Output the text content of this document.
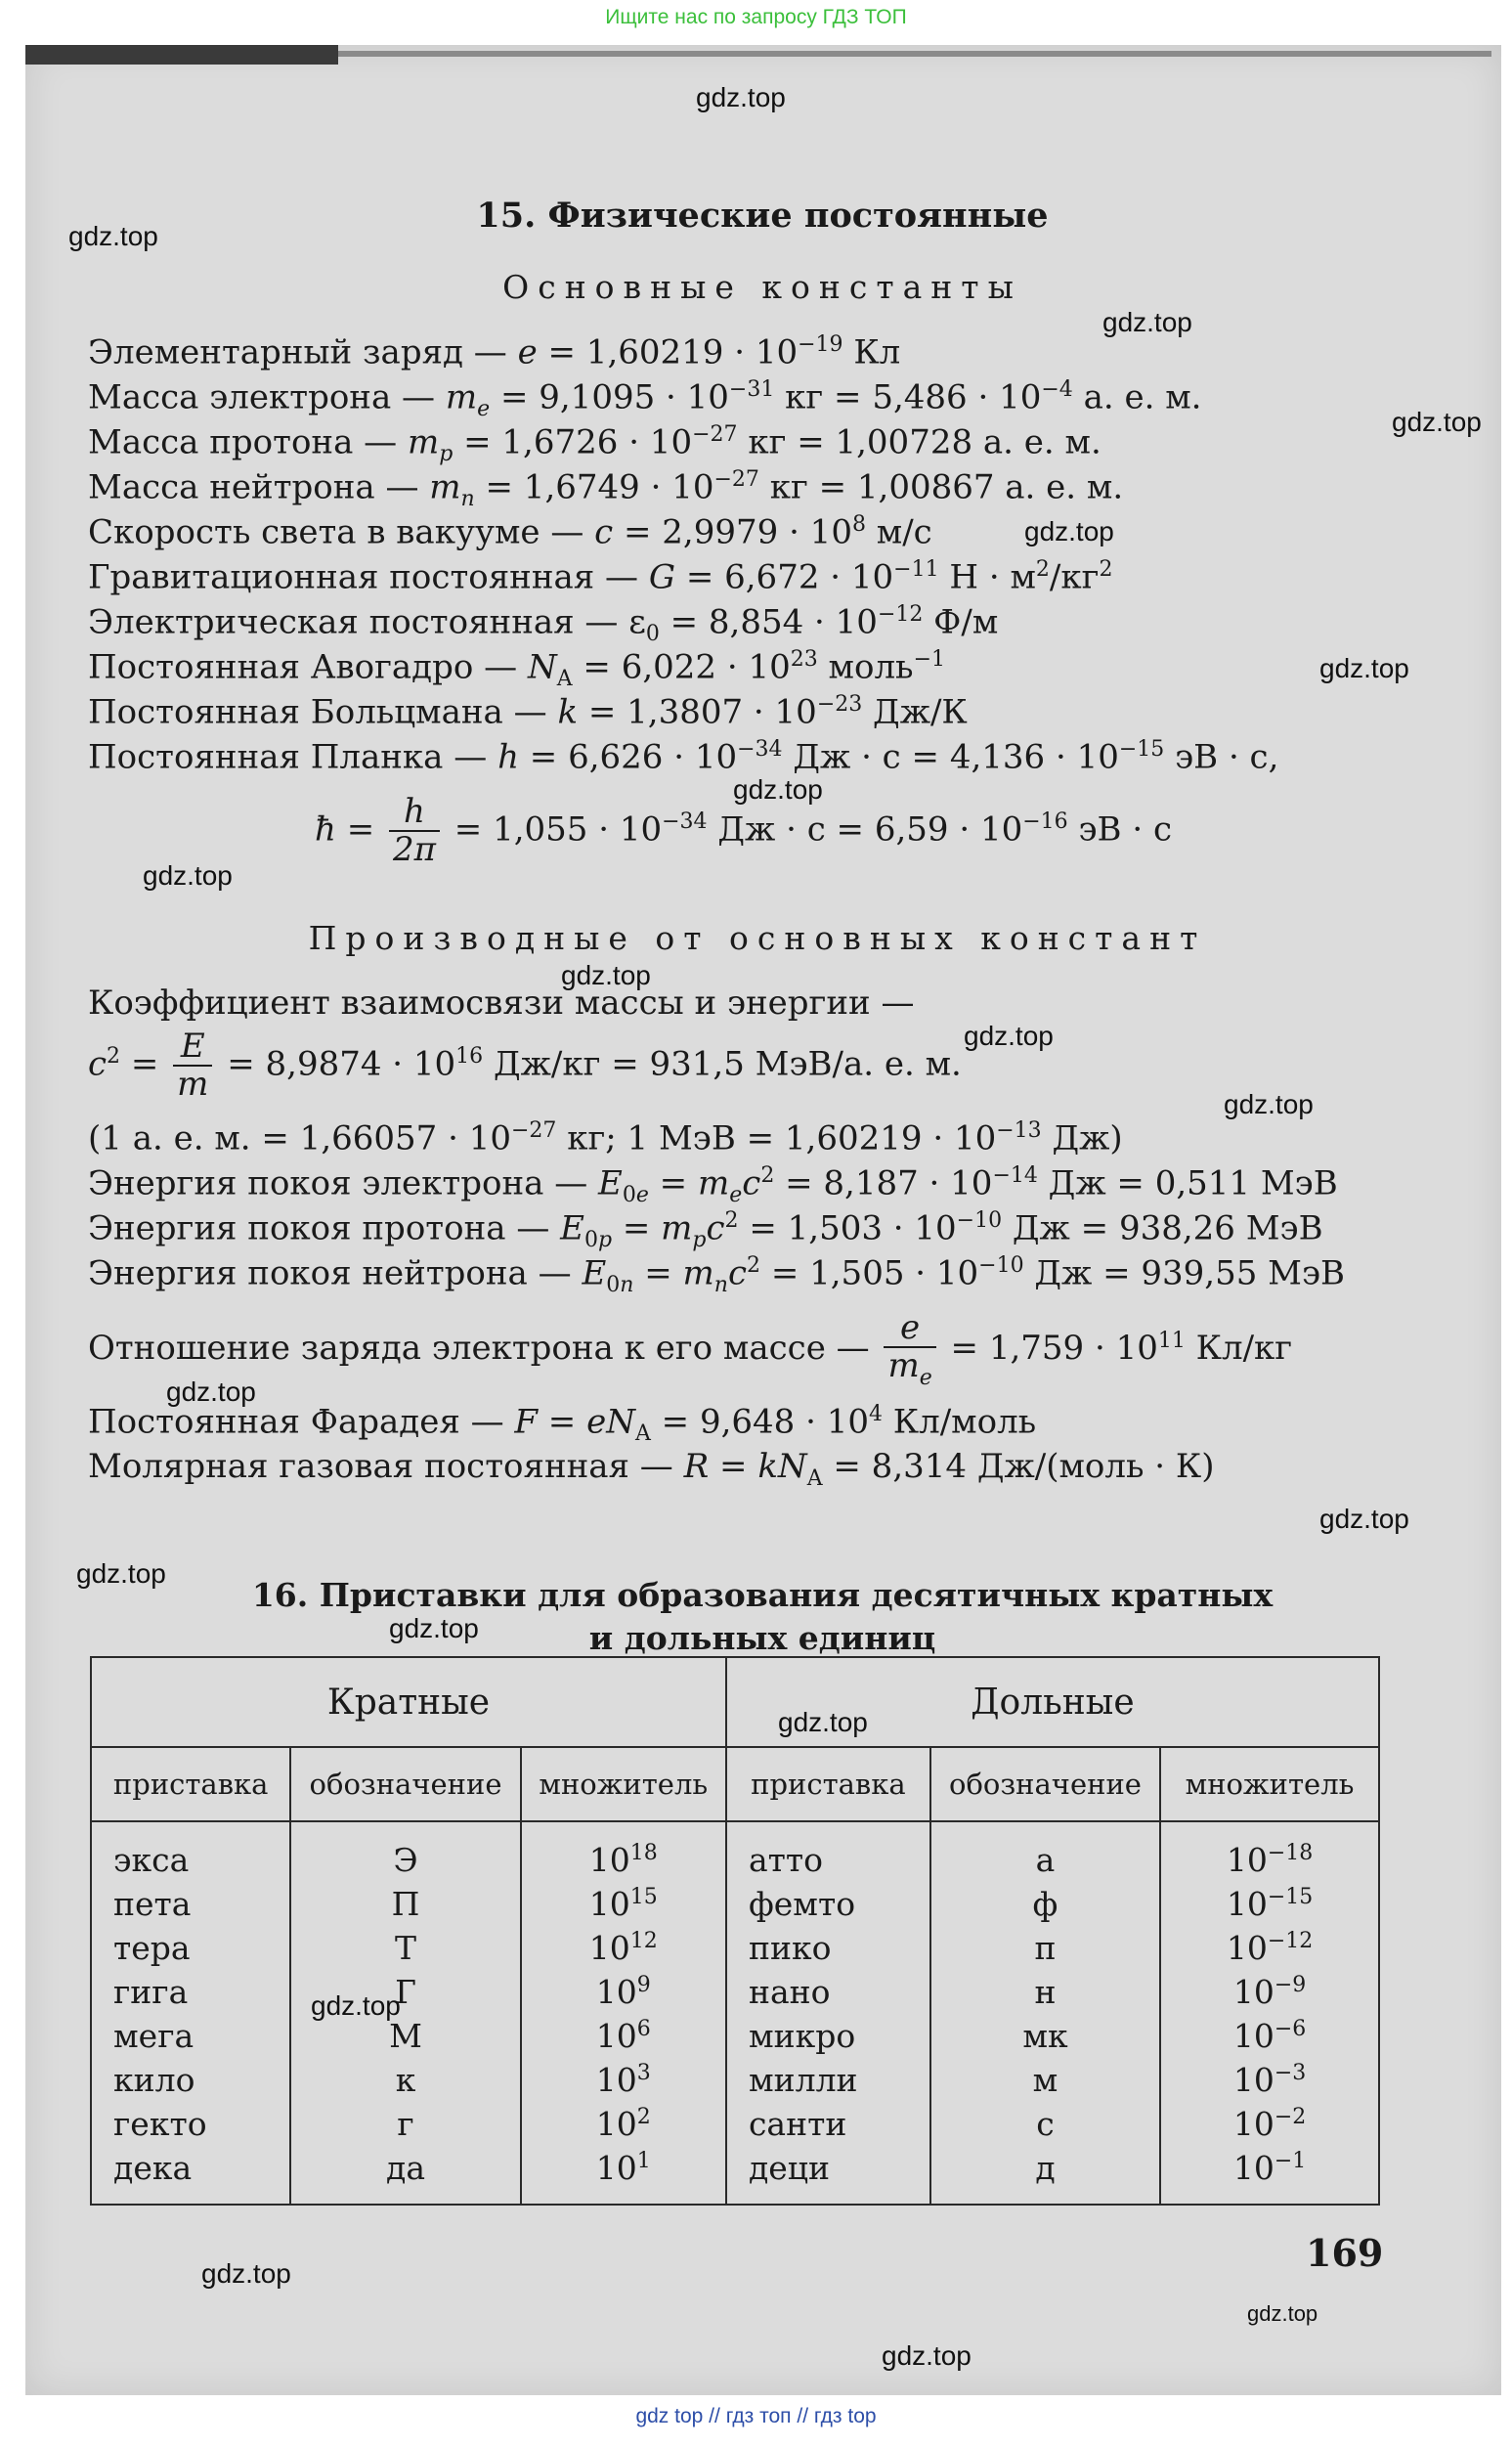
Ищите нас по запросу ГДЗ ТОП
15. Физические постоянные
Основные константы
Элементарный заряд — $e = 1,60219 \cdot 10^{-19}$ Кл
Масса электрона — $m_e = 9,1095 \cdot 10^{-31}$ кг = $5,486 \cdot 10^{-4}$ а. е. м.
Масса протона — $m_p = 1,6726 \cdot 10^{-27}$ кг = 1,00728 а. е. м.
Масса нейтрона — $m_n = 1,6749 \cdot 10^{-27}$ кг = 1,00867 а. е. м.
Скорость света в вакууме — $c = 2,9979 \cdot 10^8$ м/с
Гравитационная постоянная — $G = 6,672 \cdot 10^{-11}$ $Н \cdot м^2/кг^2$
Электрическая постоянная — $\varepsilon_0 = 8,854 \cdot 10^{-12}$ Ф/м
Постоянная Авогадро — $N_A = 6,022 \cdot 10^{23}$ моль$^{-1}$
Постоянная Больцмана — $k = 1,3807 \cdot 10^{-23}$ Дж/К
Постоянная Планка — $h = 6,626 \cdot 10^{-34}$ Дж · $с = 4,136 \cdot 10^{-15}$ эВ · с,
ħ = $\frac{h}{2\pi} = 1,055 \cdot 10^{-34}$ Дж · $с = 6,59 \cdot 10^{-16}$ эВ · с
Производные от основных констант
Коэффициент взаимосвязи массы и энергии —
$c^2 = \frac{E}{m} = 8,9874 \cdot 10^{16}$ Дж/кг = 931,5 МэВ/а. е. м.
(1 а. е. м. = $1,66057 \cdot 10^{-27}$ кг; 1 МэВ = $1,60219 \cdot 10^{-13}$ Дж)
Энергия покоя электрона — $E_{0e} = m_ec^2 = 8,187 \cdot 10^{-14}$ Дж = 0,511 МэВ
Энергия покоя протона — $E_{0p} = m_pc^2 = 1,503 \cdot 10^{-10}$ Дж = 938,26 МэВ
Энергия покоя нейтрона — $E_{0n} = m_nc^2 = 1,505 \cdot 10^{-10}$ Дж = 939,55 МэВ
Отношение заряда электрона к его массе — $\frac{e}{m_e} = 1,759 \cdot 10^{11}$ Кл/кг
Постоянная Фарадея — $F = eN_A = 9,648 \cdot 10^4$ Кл/моль
Молярная газовая постоянная — $R = kN_A = 8,314$ Дж/(моль · К)
16. Приставки для образования десятичных кратных
и дольных единиц
Кратные			Дольные		
приставка	обозначение	множитель	приставка	обозначение	множитель
экса	Э	$10^{18}$	атто	а	$10^{-18}$
пета	П	$10^{15}$	фемто	ф	$10^{-15}$
тера	Т	$10^{12}$	пико	п	$10^{-12}$
гига	Г	$10^9$	нано	н	$10^{-9}$
мега	М	$10^6$	микро	мк	$10^{-6}$
кило	к	$10^3$	милли	м	$10^{-3}$
гекто	г	$10^2$	санти	с	$10^{-2}$
дека	да	$10^1$	деци	д	$10^{-1}$
169
gdz.top
gdz.top
gdz.top
gdz.top
gdz.top
gdz.top
gdz.top
gdz.top
gdz.top
gdz.top
gdz.top
gdz.top
gdz.top
gdz.top
gdz.top
gdz.top
gdz.top
gdz.top
gdz.top
gdz.top
gdz top // гдз топ // гдз top
